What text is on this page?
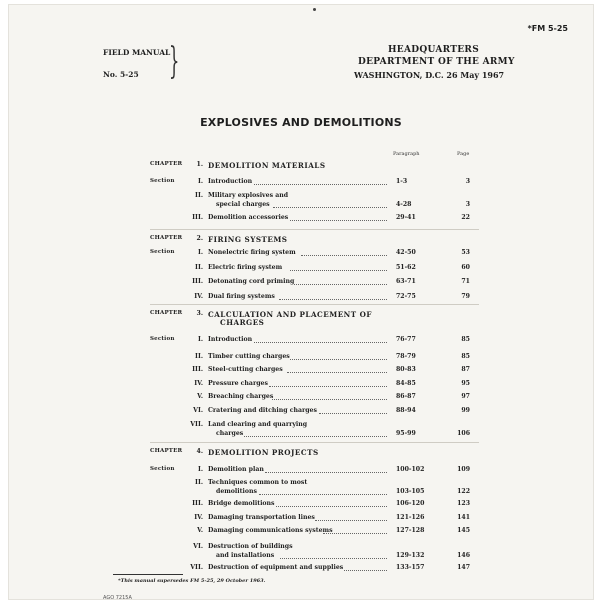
*FM 5-25
FIELD MANUAL
No. 5-25 }	HEADQUARTERS
DEPARTMENT OF THE ARMY
WASHINGTON, D.C. 26 May 1967
EXPLOSIVES AND DEMOLITIONS
Paragraph	Page
CHAPTER	1. DEMOLITION MATERIALS
Section	I. Introduction	1-3	3
II. Military explosives and
special charges	4-28	3
III. Demolition accessories	29-41	22
CHAPTER	2. FIRING SYSTEMS
Section	I. Nonelectric firing system	42-50	53
II. Electric firing system	51-62	60
III. Detonating cord priming	63-71	71
IV. Dual firing systems	72-75	79
CHAPTER	3. CALCULATION AND PLACEMENT OF
CHARGES
Section	I. Introduction	76-77	85
II. Timber cutting charges	78-79	85
III. Steel-cutting charges	80-83	87
IV. Pressure charges	84-85	95
V. Breaching charges	86-87	97
VI. Cratering and ditching charges	88-94	99
VII. Land clearing and quarrying
charges	95-99	106
CHAPTER	4. DEMOLITION PROJECTS
Section	I. Demolition plan	100-102	109
II. Techniques common to most
demolitions	103-105	122
III. Bridge demolitions	106-120	123
IV. Damaging transportation lines	121-126	141
V. Damaging communications systems	127-128	145
VI. Destruction of buildings
and installations	129-132	146
VII. Destruction of equipment and supplies	133-157	147
*This manual supersedes FM 5-25, 29 October 1963.
AGO 7215A
